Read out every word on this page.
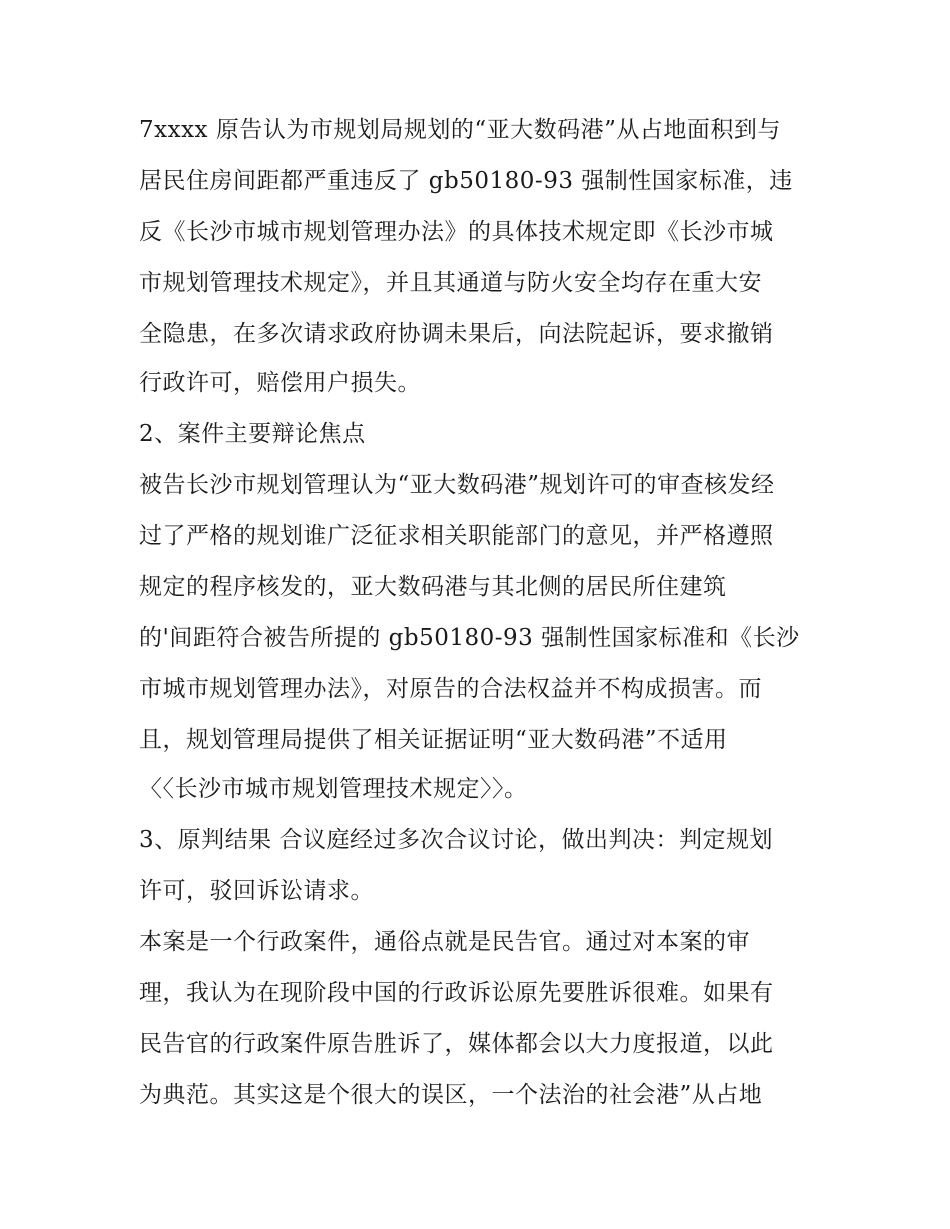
7xxxx 原告认为市规划局规划的“亚大数码港”从占地面积到与
居民住房间距都严重违反了 gb50180-93 强制性国家标准，违
反《长沙市城市规划管理办法》的具体技术规定即《长沙市城
市规划管理技术规定》，并且其通道与防火安全均存在重大安
全隐患，在多次请求政府协调未果后，向法院起诉，要求撤销
行政许可，赔偿用户损失。
2、案件主要辩论焦点
被告长沙市规划管理认为“亚大数码港”规划许可的审查核发经
过了严格的规划谁广泛征求相关职能部门的意见，并严格遵照
规定的程序核发的，亚大数码港与其北侧的居民所住建筑
的'间距符合被告所提的 gb50180-93 强制性国家标准和《长沙
市城市规划管理办法》，对原告的合法权益并不构成损害。而
且，规划管理局提供了相关证据证明“亚大数码港”不适用
〈〈长沙市城市规划管理技术规定〉〉。
3、原判结果 合议庭经过多次合议讨论，做出判决：判定规划
许可，驳回诉讼请求。
本案是一个行政案件，通俗点就是民告官。通过对本案的审
理，我认为在现阶段中国的行政诉讼原先要胜诉很难。如果有
民告官的行政案件原告胜诉了，媒体都会以大力度报道，以此
为典范。其实这是个很大的误区，一个法治的社会港”从占地
